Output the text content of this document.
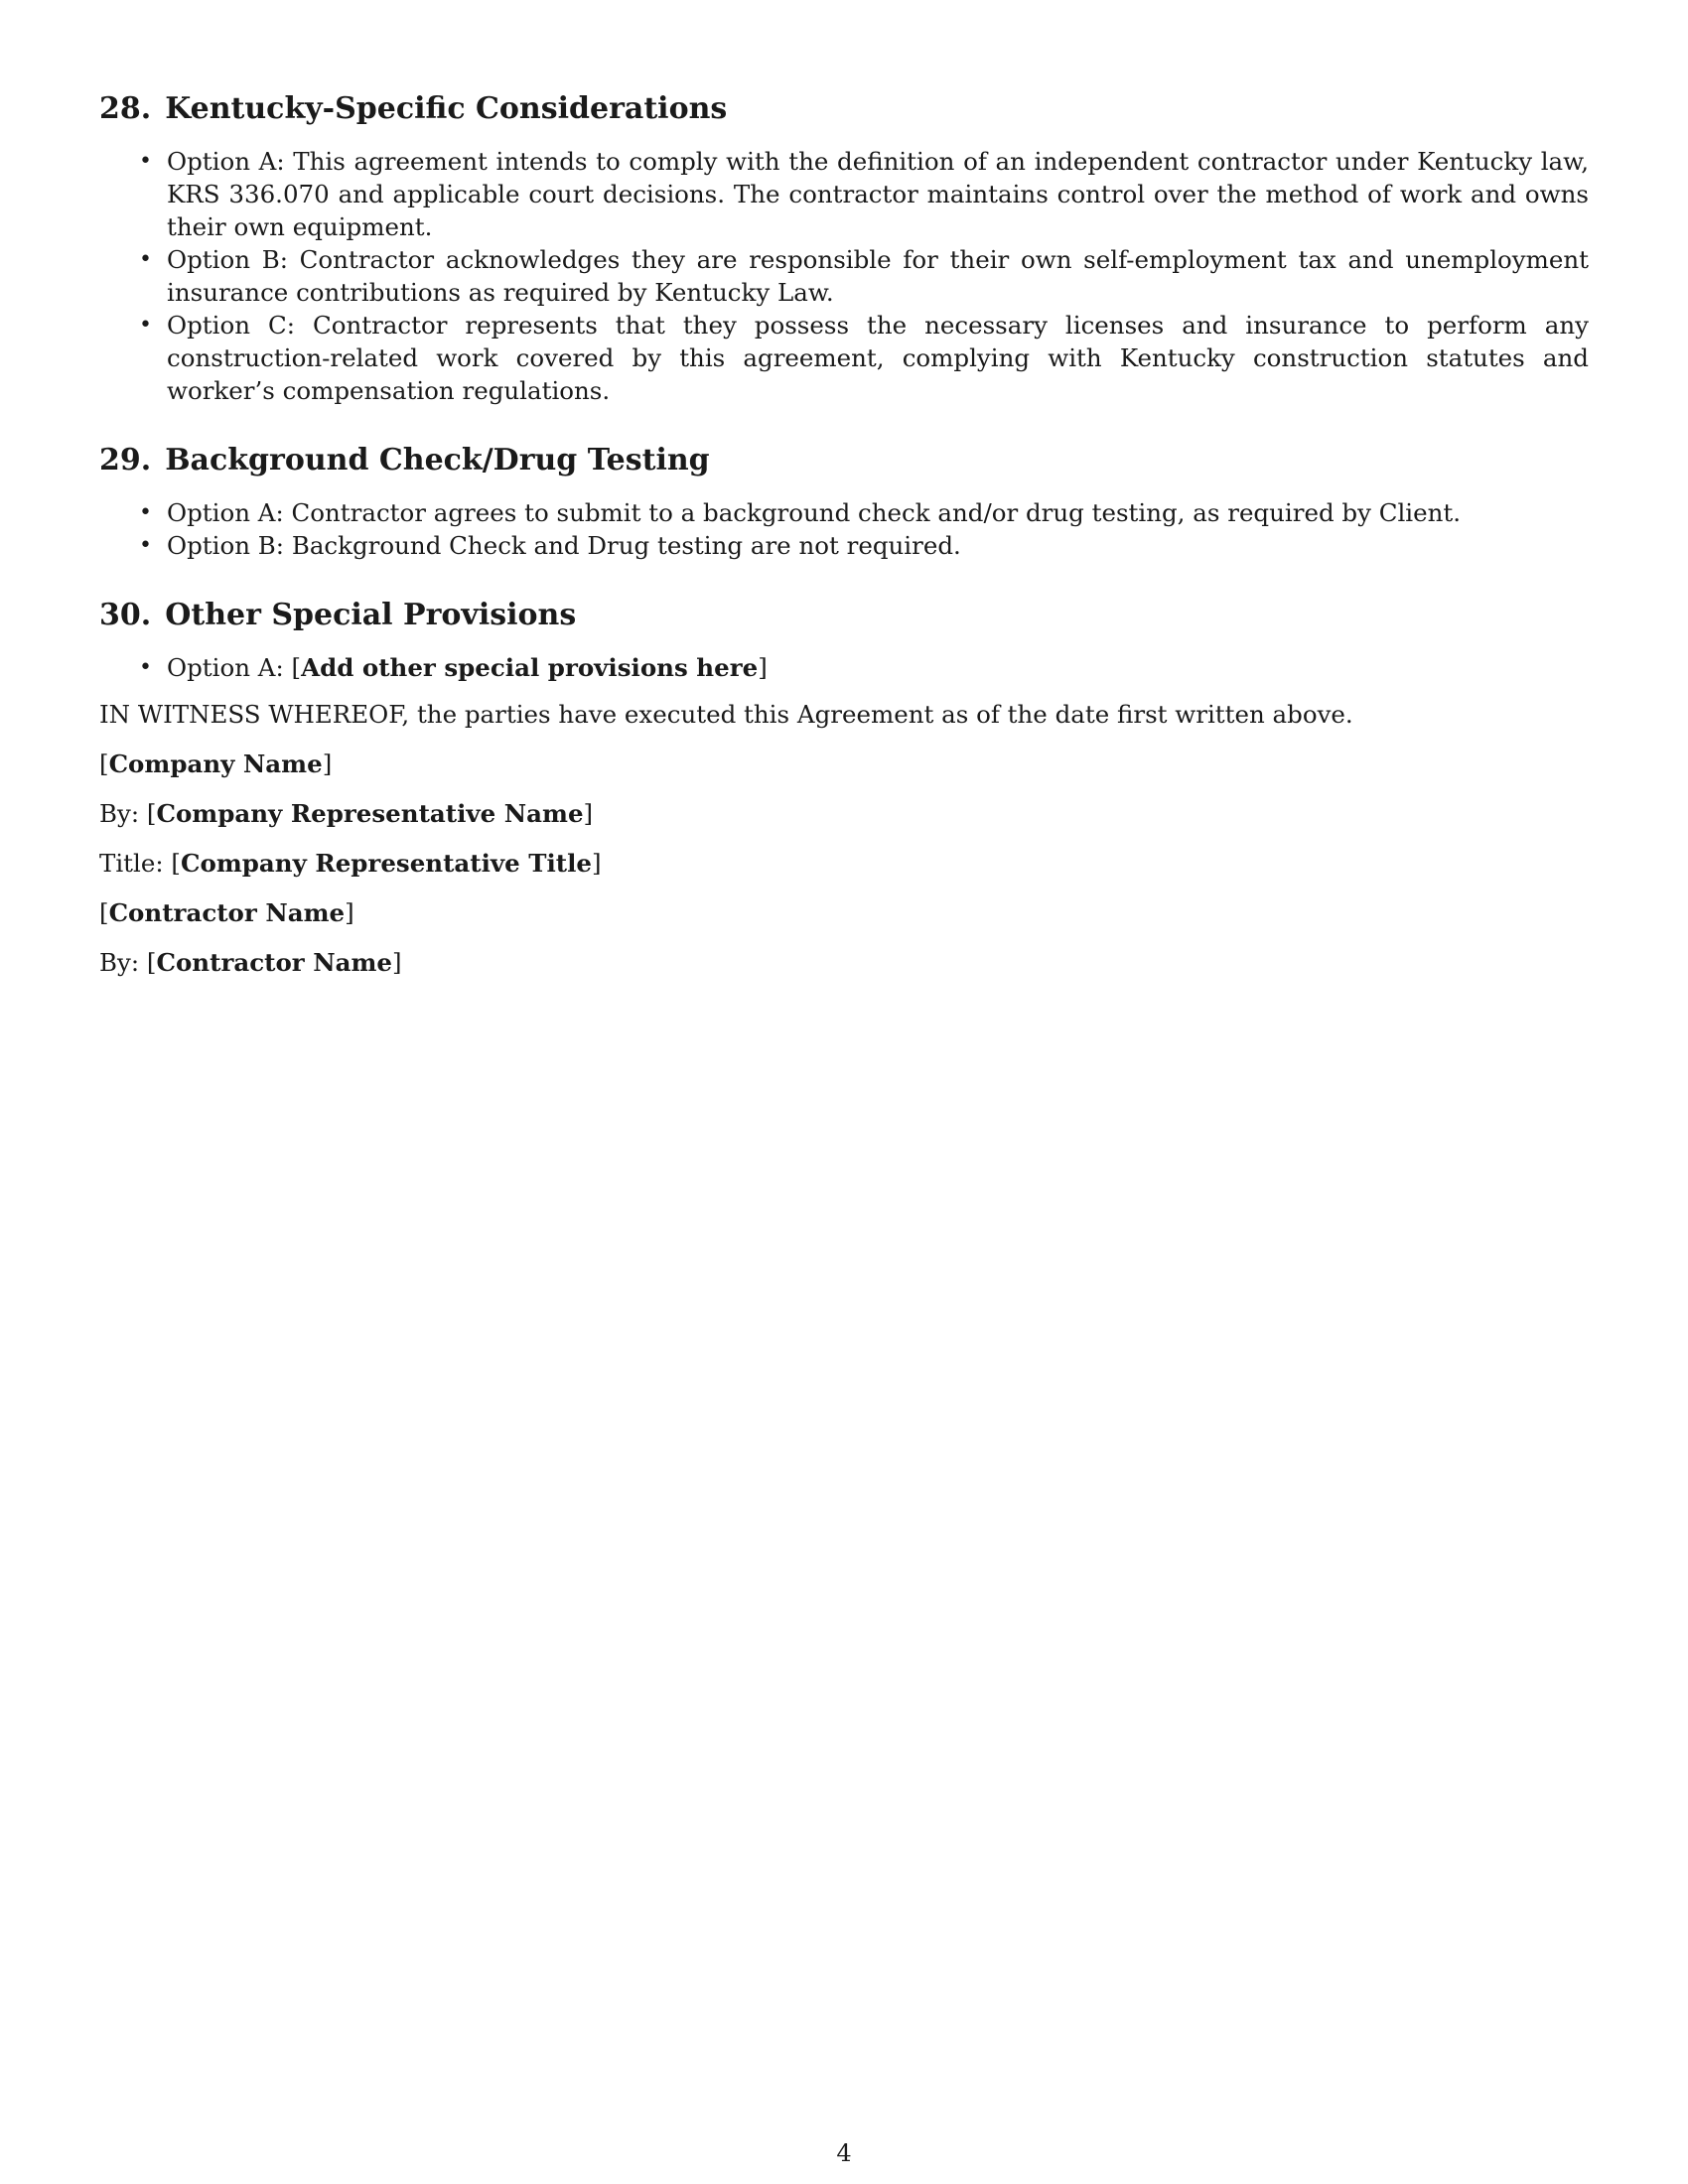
28. Kentucky-Specific Considerations
• Option A: This agreement intends to comply with the definition of an independent contractor under Kentucky law, KRS 336.070 and applicable court decisions. The contractor maintains control over the method of work and owns their own equipment.
• Option B: Contractor acknowledges they are responsible for their own self-employment tax and unemployment insurance contributions as required by Kentucky Law.
• Option C: Contractor represents that they possess the necessary licenses and insurance to perform any construction-related work covered by this agreement, complying with Kentucky construction statutes and worker’s compensation regulations.
29. Background Check/Drug Testing
• Option A: Contractor agrees to submit to a background check and/or drug testing, as required by Client.
• Option B: Background Check and Drug testing are not required.
30. Other Special Provisions
• Option A: [Add other special provisions here]

IN WITNESS WHEREOF, the parties have executed this Agreement as of the date first written above.

[Company Name]

By: [Company Representative Name]

Title: [Company Representative Title]

[Contractor Name]

By: [Contractor Name]

4
